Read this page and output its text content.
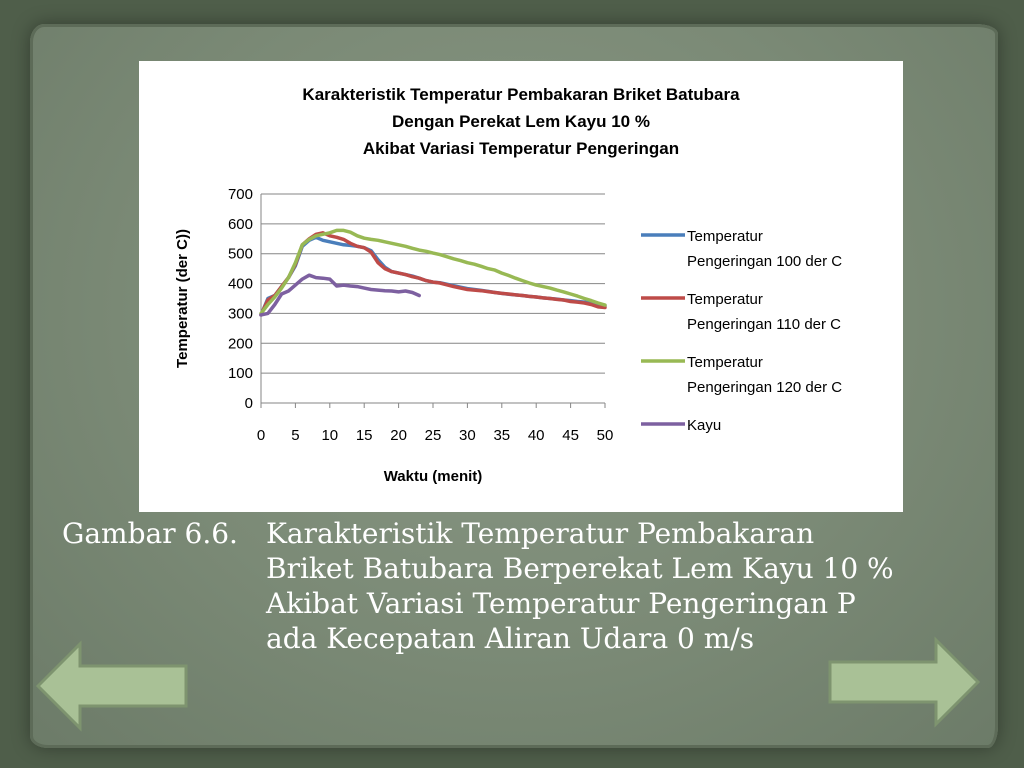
Karakteristik Temperatur Pembakaran Briket Batubara
Dengan Perekat Lem Kayu 10 %
Akibat Variasi Temperatur Pengeringan
0
100
200
300
400
500
600
700
0 5 10 15 20 25 30 35 40 45 50
Waktu (menit)
Temperatur (der C))	Temperatur
Pengeringan 100 der C
Temperatur
Pengeringan 110 der C
Temperatur
Pengeringan 120 der C
Kayu
Gambar 6.6. Karakteristik Temperatur Pembakaran
Briket Batubara Berperekat Lem Kayu 10 %
Akibat Variasi Temperatur Pengeringan P
ada Kecepatan Aliran Udara 0 m/s
